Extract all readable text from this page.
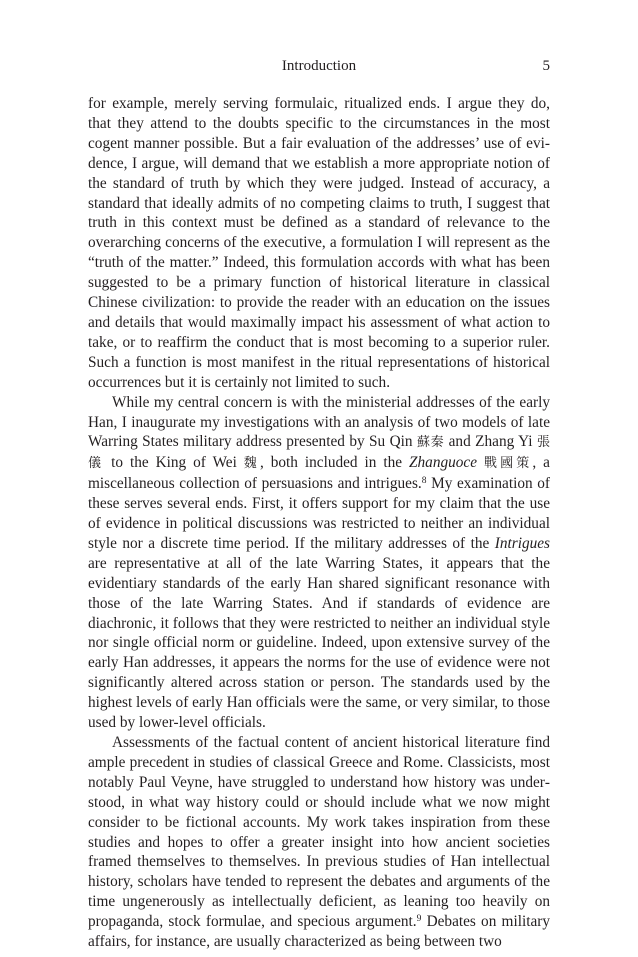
Introduction	5

for example, merely serving formulaic, ritualized ends. I argue they do, that they attend to the doubts specific to the circumstances in the most cogent manner possible. But a fair evaluation of the addresses’ use of evidence, I argue, will demand that we establish a more appropriate notion of the standard of truth by which they were judged. Instead of accuracy, a standard that ideally admits of no competing claims to truth, I suggest that truth in this context must be defined as a standard of relevance to the overarching concerns of the executive, a formulation I will represent as the “truth of the matter.” Indeed, this formulation accords with what has been suggested to be a primary function of historical literature in classical Chinese civilization: to provide the reader with an education on the issues and details that would maximally impact his assessment of what action to take, or to reaffirm the conduct that is most becoming to a superior ruler. Such a function is most manifest in the ritual representations of historical occurrences but it is certainly not limited to such.

While my central concern is with the ministerial addresses of the early Han, I inaugurate my investigations with an analysis of two models of late Warring States military address presented by Su Qin 蘇秦 and Zhang Yi 張儀 to the King of Wei 魏, both included in the Zhanguoce 戰國策, a miscellaneous collection of persuasions and intrigues.$^8$ My examination of these serves several ends. First, it offers support for my claim that the use of evidence in political discussions was restricted to neither an individual style nor a discrete time period. If the military addresses of the Intrigues are representative at all of the late Warring States, it appears that the evidentiary standards of the early Han shared significant resonance with those of the late Warring States. And if standards of evidence are diachronic, it follows that they were restricted to neither an individual style nor single official norm or guideline. Indeed, upon extensive survey of the early Han addresses, it appears the norms for the use of evidence were not significantly altered across station or person. The standards used by the highest levels of early Han officials were the same, or very similar, to those used by lower-level officials.

Assessments of the factual content of ancient historical literature find ample precedent in studies of classical Greece and Rome. Classicists, most notably Paul Veyne, have struggled to understand how history was understood, in what way history could or should include what we now might consider to be fictional accounts. My work takes inspiration from these studies and hopes to offer a greater insight into how ancient societies framed themselves to themselves. In previous studies of Han intellectual history, scholars have tended to represent the debates and arguments of the time ungenerously as intellectually deficient, as leaning too heavily on propaganda, stock formulae, and specious argument.$^9$ Debates on military affairs, for instance, are usually characterized as being between two
